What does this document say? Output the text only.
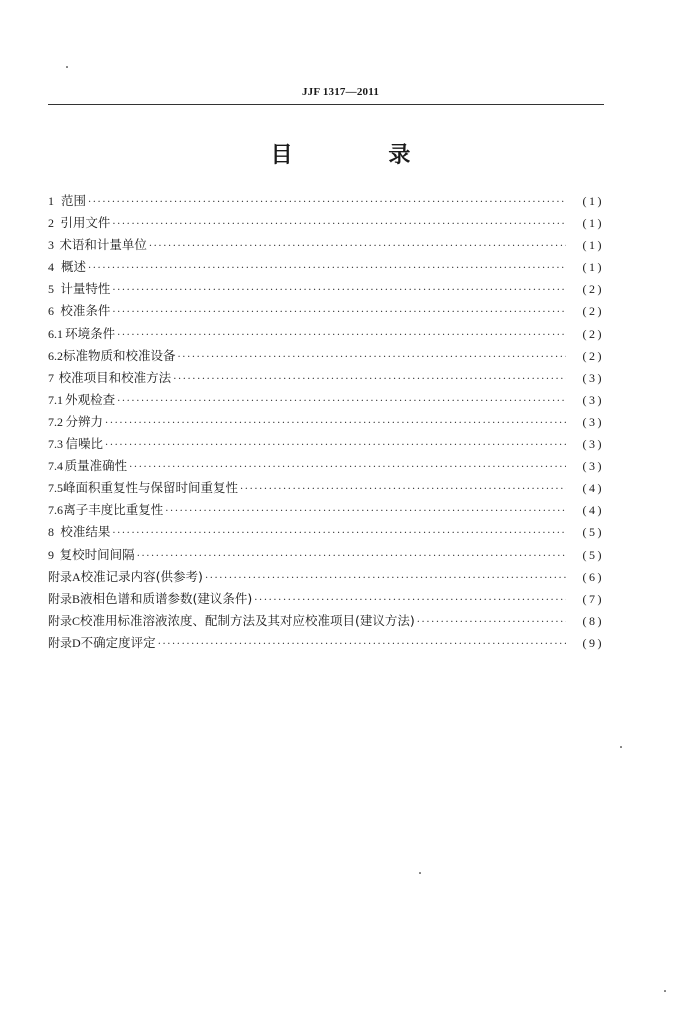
JJF 1317—2011
目 录
1 范围 ·····	(1)
2 引用文件 ·····	(1)
3 术语和计量单位 ·····	(1)
4 概述 ·····	(1)
5 计量特性 ·····	(2)
6 校准条件 ·····	(2)
6.1 环境条件 ·····	(2)
6.2 标准物质和校准设备 ·····	(2)
7 校准项目和校准方法 ·····	(3)
7.1 外观检查 ·····	(3)
7.2 分辨力 ·····	(3)
7.3 信噪比 ·····	(3)
7.4 质量准确性 ·····	(3)
7.5 峰面积重复性与保留时间重复性 ·····	(4)
7.6 离子丰度比重复性 ·····	(4)
8 校准结果 ·····	(5)
9 复校时间间隔 ·····	(5)
附录A 校准记录内容(供参考) ·····	(6)
附录B 液相色谱和质谱参数(建议条件) ·····	(7)
附录C 校准用标准溶液浓度、配制方法及其对应校准项目(建议方法) ·····	(8)
附录D 不确定度评定 ·····	(9)
